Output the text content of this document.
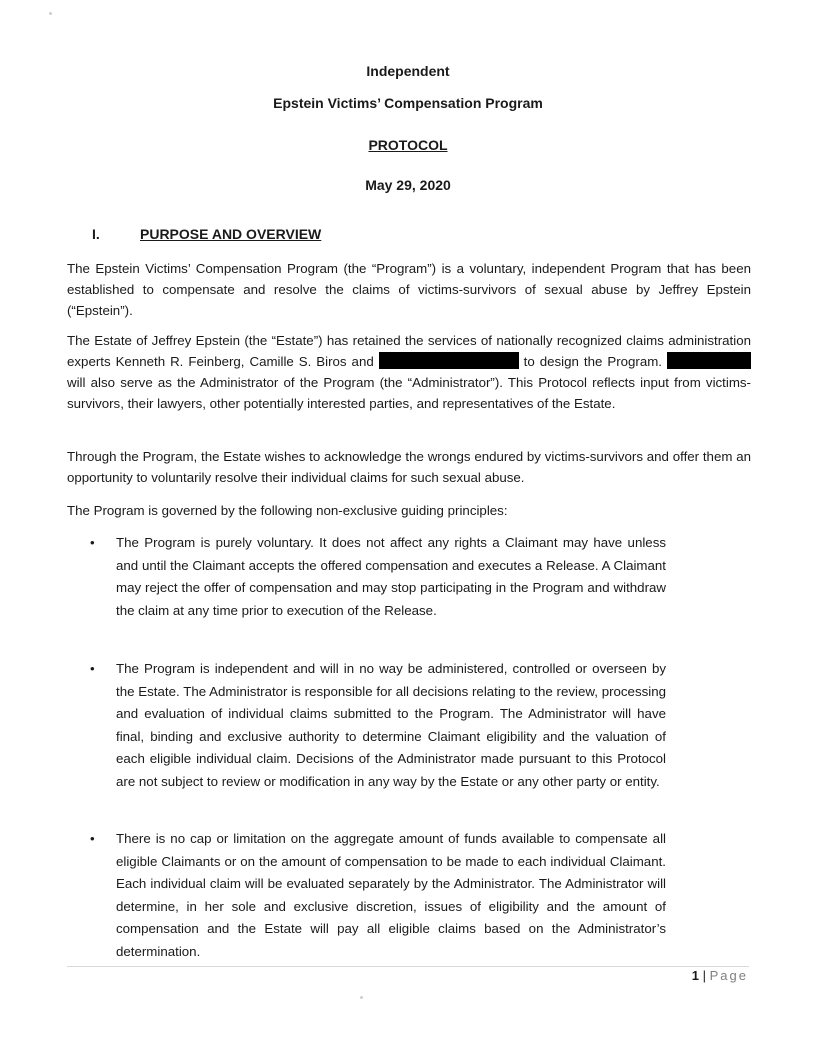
Independent
Epstein Victims’ Compensation Program
PROTOCOL
May 29, 2020
I.	PURPOSE AND OVERVIEW

The Epstein Victims’ Compensation Program (the “Program”) is a voluntary, independent Program that has been established to compensate and resolve the claims of victims-survivors of sexual abuse by Jeffrey Epstein (“Epstein”).

The Estate of Jeffrey Epstein (the “Estate”) has retained the services of nationally recognized claims administration experts Kenneth R. Feinberg, Camille S. Biros and	to design the Program.  will also serve as the Administrator of the Program (the “Administrator”). This Protocol reflects input from victims-survivors, their lawyers, other potentially interested parties, and representatives of the Estate.

Through the Program, the Estate wishes to acknowledge the wrongs endured by victims-survivors and offer them an opportunity to voluntarily resolve their individual claims for such sexual abuse.

The Program is governed by the following non-exclusive guiding principles:

• The Program is purely voluntary. It does not affect any rights a Claimant may have unless and until the Claimant accepts the offered compensation and executes a Release. A Claimant may reject the offer of compensation and may stop participating in the Program and withdraw the claim at any time prior to execution of the Release.
• The Program is independent and will in no way be administered, controlled or overseen by the Estate. The Administrator is responsible for all decisions relating to the review, processing and evaluation of individual claims submitted to the Program. The Administrator will have final, binding and exclusive authority to determine Claimant eligibility and the valuation of each eligible individual claim. Decisions of the Administrator made pursuant to this Protocol are not subject to review or modification in any way by the Estate or any other party or entity.
• There is no cap or limitation on the aggregate amount of funds available to compensate all eligible Claimants or on the amount of compensation to be made to each individual Claimant. Each individual claim will be evaluated separately by the Administrator. The Administrator will determine, in her sole and exclusive discretion, issues of eligibility and the amount of compensation and the Estate will pay all eligible claims based on the Administrator’s determination.
1 | Page
